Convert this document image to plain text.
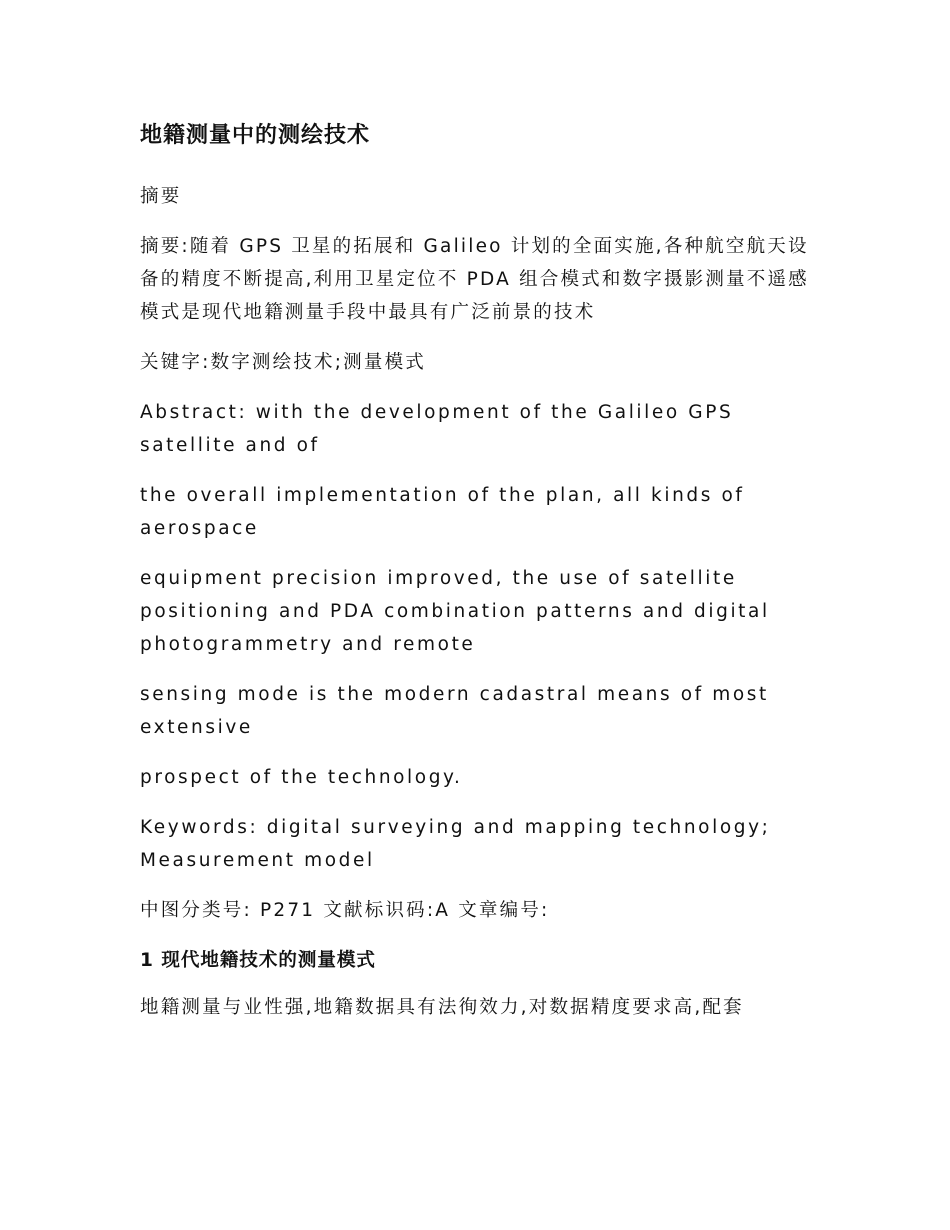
地籍测量中的测绘技术

摘要

摘要:随着 GPS 卫星的拓展和 Galileo 计划的全面实施,各种航空航天设备的精度不断提高,利用卫星定位不 PDA 组合模式和数字摄影测量不遥感模式是现代地籍测量手段中最具有广泛前景的技术

关键字:数字测绘技术;测量模式

Abstract: with the development of the Galileo GPS satellite and of

the overall implementation of the plan, all kinds of aerospace

equipment precision improved, the use of satellite positioning and PDA combination patterns and digital photogrammetry and remote

sensing mode is the modern cadastral means of most extensive

prospect of the technology.

Keywords: digital surveying and mapping technology; Measurement model

中图分类号: P271 文献标识码:A 文章编号:

1 现代地籍技术的测量模式

地籍测量与业性强,地籍数据具有法徇效力,对数据精度要求高,配套
